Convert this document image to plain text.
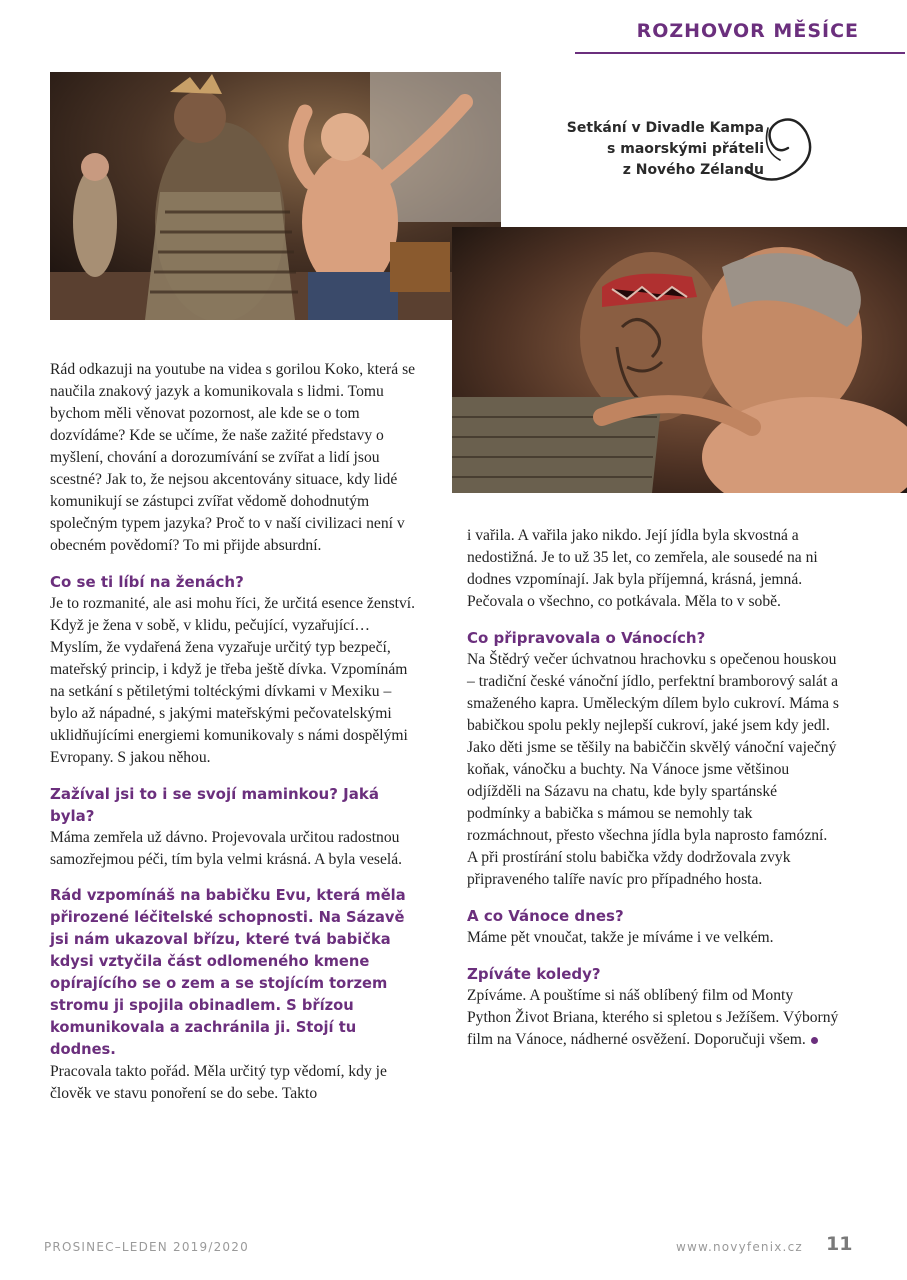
ROZHOVOR MĚSÍCE
Setkání v Divadle Kampa
s maorskými přáteli
z Nového Zélandu

Rád odkazuji na youtube na videa s gorilou Koko, která se naučila znakový jazyk a komunikovala s lidmi. Tomu bychom měli věnovat pozornost, ale kde se o tom dozvídáme? Kde se učíme, že naše zažité představy o myšlení, chování a dorozumívání se zvířat a lidí jsou scestné? Jak to, že nejsou akcentovány situace, kdy lidé komunikují se zástupci zvířat vědomě dohodnutým společným typem jazyka? Proč to v naší civilizaci není v obecném povědomí? To mi přijde absurdní.

Co se ti líbí na ženách?

Je to rozmanité, ale asi mohu říci, že určitá esence ženství. Když je žena v sobě, v klidu, pečující, vyzařující… Myslím, že vydařená žena vyzařuje určitý typ bezpečí, mateřský princip, i když je třeba ještě dívka. Vzpomínám na setkání s pětiletými toltéckými dívkami v Mexiku – bylo až nápadné, s jakými mateřskými pečovatelskými uklidňujícími energiemi komunikovaly s námi dospělými Evropany. S jakou něhou.

Zažíval jsi to i se svojí maminkou? Jaká byla?

Máma zemřela už dávno. Projevovala určitou radostnou samozřejmou péči, tím byla velmi krásná. A byla veselá.

Rád vzpomínáš na babičku Evu, která měla přirozené léčitelské schopnosti. Na Sázavě jsi nám ukazoval břízu, které tvá babička kdysi vztyčila část odlomeného kmene opírajícího se o zem a se stojícím torzem stromu ji spojila obinadlem. S břízou komunikovala a zachránila ji. Stojí tu dodnes.

Pracovala takto pořád. Měla určitý typ vědomí, kdy je člověk ve stavu ponoření se do sebe. Takto

i vařila. A vařila jako nikdo. Její jídla byla skvostná a nedostižná. Je to už 35 let, co zemřela, ale sousedé na ni dodnes vzpomínají. Jak byla příjemná, krásná, jemná. Pečovala o všechno, co potkávala. Měla to v sobě.

Co připravovala o Vánocích?

Na Štědrý večer úchvatnou hrachovku s opečenou houskou – tradiční české vánoční jídlo, perfektní bramborový salát a smaženého kapra. Uměleckým dílem bylo cukroví. Máma s babičkou spolu pekly nejlepší cukroví, jaké jsem kdy jedl. Jako děti jsme se těšily na babiččin skvělý vánoční vaječný koňak, vánočku a buchty. Na Vánoce jsme většinou odjížděli na Sázavu na chatu, kde byly spartánské podmínky a babička s mámou se nemohly tak rozmáchnout, přesto všechna jídla byla naprosto famózní. A při prostírání stolu babička vždy dodržovala zvyk připraveného talíře navíc pro případného hosta.

A co Vánoce dnes?

Máme pět vnoučat, takže je míváme i ve velkém.

Zpíváte koledy?

Zpíváme. A pouštíme si náš oblíbený film od Monty Python Život Briana, kterého si spletou s Ježíšem. Výborný film na Vánoce, nádherné osvěžení. Doporučuji všem.

PROSINEC–LEDEN 2019/2020	www.novyfenix.cz 11
